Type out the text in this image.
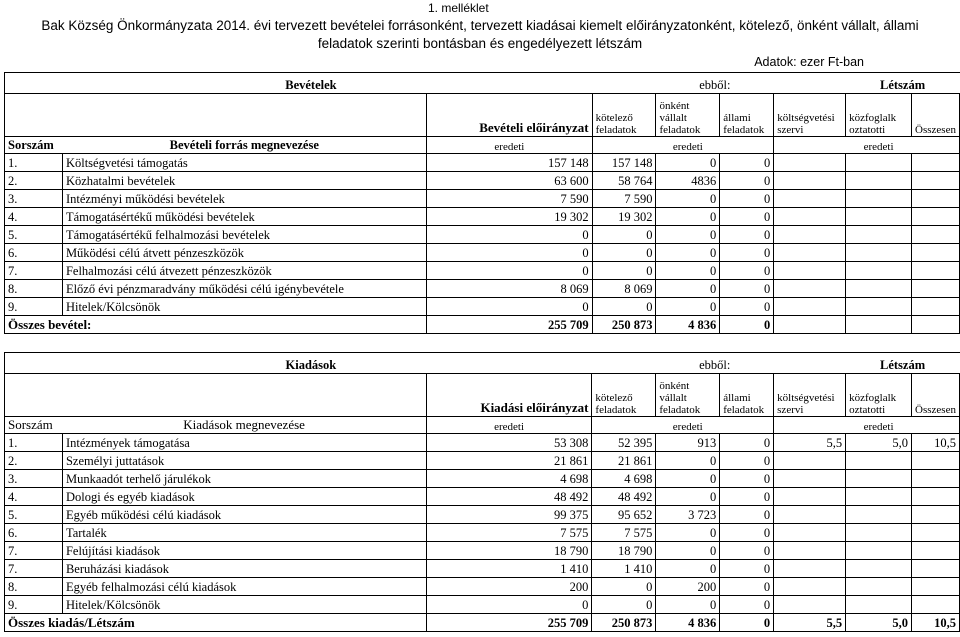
1. melléklet
Bak Község Önkormányzata 2014. évi tervezett bevételei forrásonként, tervezett kiadásai kiemelt előirányzatonként, kötelező, önként vállalt, állami
feladatok szerinti bontásban és engedélyezett létszám
Adatok: ezer Ft-ban
	Bevételek			ebből:			Létszám	
		Bevételi előirányzat	kötelező feladatok	önként vállalt feladatok	állami feladatok	költségvetési szervi	közfoglalk oztatotti	Összesen
Sorszám	Bevételi forrás megnevezése	eredeti		eredeti			eredeti	
1.	Költségvetési támogatás	157 148	157 148	0	0			
2.	Közhatalmi bevételek	63 600	58 764	4836	0			
3.	Intézményi működési bevételek	7 590	7 590	0	0			
4.	Támogatásértékű működési bevételek	19 302	19 302	0	0			
5.	Támogatásértékű felhalmozási bevételek	0	0	0	0			
6.	Működési célú átvett pénzeszközök	0	0	0	0			
7.	Felhalmozási célú átvezett pénzeszközök	0	0	0	0			
8.	Előző évi pénzmaradvány működési célú igénybevétele	8 069	8 069	0	0			
9.	Hitelek/Kölcsönök	0	0	0	0			
Összes bevétel:		255 709	250 873	4 836	0			
	Kiadások			ebből:			Létszám	
		Kiadási előirányzat	kötelező feladatok	önként vállalt feladatok	állami feladatok	költségvetési szervi	közfoglalk oztatotti	Összesen
Sorszám	Kiadások megnevezése	eredeti		eredeti			eredeti	
1.	Intézmények támogatása	53 308	52 395	913	0	5,5	5,0	10,5
2.	Személyi juttatások	21 861	21 861	0	0			
3.	Munkaadót terhelő járulékok	4 698	4 698	0	0			
4.	Dologi és egyéb kiadások	48 492	48 492	0	0			
5.	Egyéb működési célú kiadások	99 375	95 652	3 723	0			
6.	Tartalék	7 575	7 575	0	0			
7.	Felújítási kiadások	18 790	18 790	0	0			
7.	Beruházási kiadások	1 410	1 410	0	0			
8.	Egyéb felhalmozási célú kiadások	200	0	200	0			
9.	Hitelek/Kölcsönök	0	0	0	0			
Összes kiadás/Létszám		255 709	250 873	4 836	0	5,5	5,0	10,5
